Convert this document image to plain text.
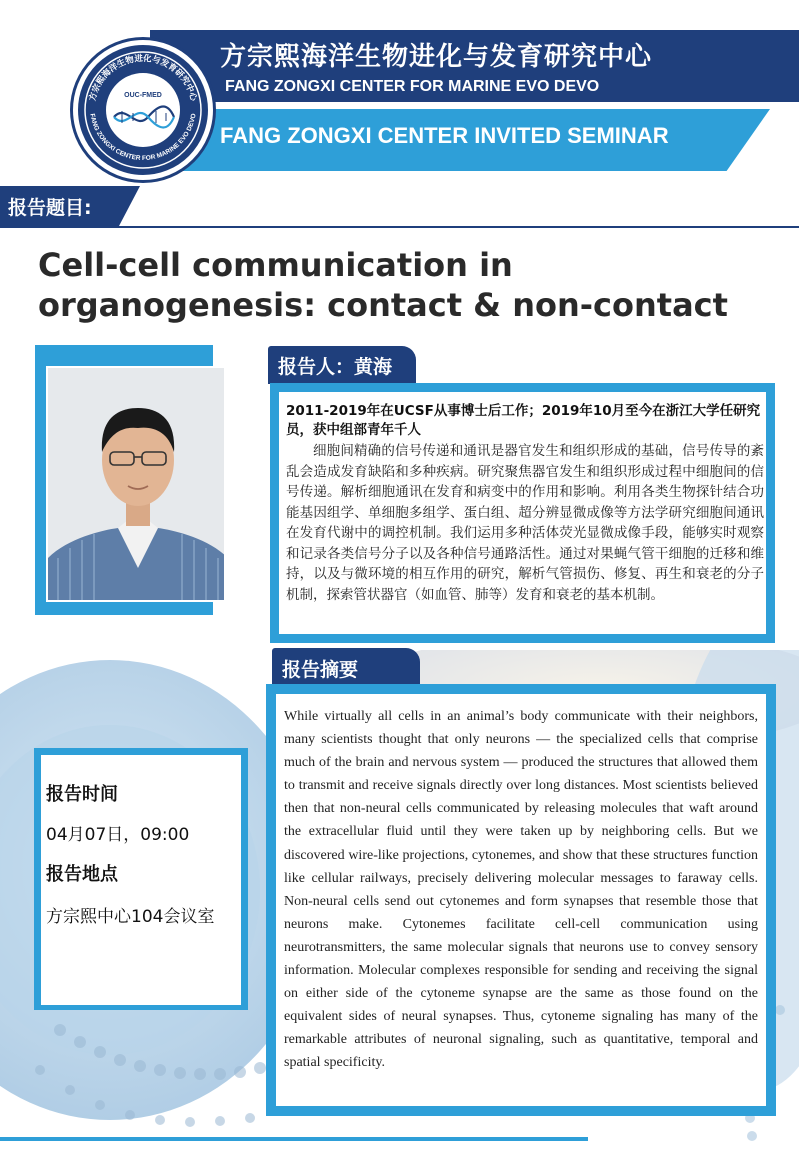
方宗熙海洋生物进化与发育研究中心
FANG ZONGXI CENTER FOR MARINE EVO DEVO
FANG ZONGXI CENTER INVITED SEMINAR
方宗熙海洋生物进化与发育研究中心
FANG ZONGXI CENTER FOR MARINE EVO DEVO
OUC-FMED
报告题目:
Cell-cell communication in organogenesis: contact & non-contact
报告人：黄海
2011-2019年在UCSF从事博士后工作；2019年10月至今在浙江大学任研究员，获中组部青年千人
细胞间精确的信号传递和通讯是器官发生和组织形成的基础，信号传导的紊乱会造成发育缺陷和多种疾病。研究聚焦器官发生和组织形成过程中细胞间的信号传递。解析细胞通讯在发育和病变中的作用和影响。利用各类生物探针结合功能基因组学、单细胞多组学、蛋白组、超分辨显微成像等方法学研究细胞间通讯在发育代谢中的调控机制。我们运用多种活体荧光显微成像手段，能够实时观察和记录各类信号分子以及各种信号通路活性。通过对果蝇气管干细胞的迁移和维持，以及与微环境的相互作用的研究，解析气管损伤、修复、再生和衰老的分子机制，探索管状器官（如血管、肺等）发育和衰老的基本机制。
报告摘要
While virtually all cells in an animal’s body communicate with their neighbors, many scientists thought that only neurons — the specialized cells that comprise much of the brain and nervous system — produced the structures that allowed them to transmit and receive signals directly over long distances. Most scientists believed then that non-neural cells communicated by releasing molecules that waft around the extracellular fluid until they were taken up by neighboring cells. But we discovered wire-like projections, cytonemes, and show that these structures function like cellular railways, precisely delivering molecular messages to faraway cells. Non-neural cells send out cytonemes and form synapses that resemble those that neurons make. Cytonemes facilitate cell-cell communication using neurotransmitters, the same molecular signals that neurons use to convey sensory information. Molecular complexes responsible for sending and receiving the signal on either side of the cytoneme synapse are the same as those found on the equivalent sides of neural synapses. Thus, cytoneme signaling has many of the remarkable attributes of neuronal signaling, such as quantitative, temporal and spatial specificity.
报告时间
04月07日，09:00
报告地点
方宗熙中心104会议室
